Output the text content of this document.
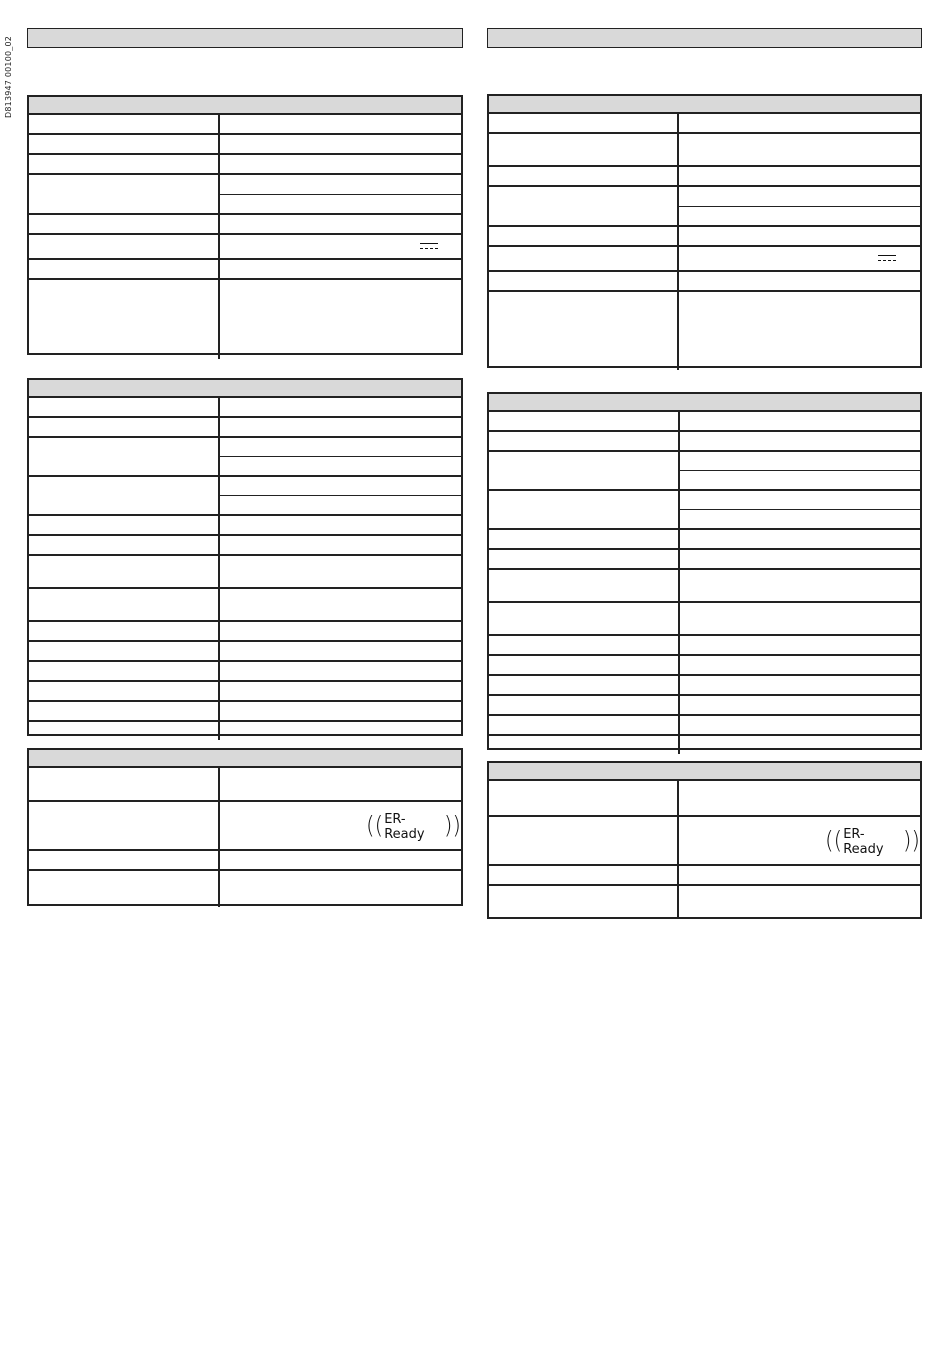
D813947 00100_02
( ( ER-Ready ) )
( ( ER-Ready ) )
